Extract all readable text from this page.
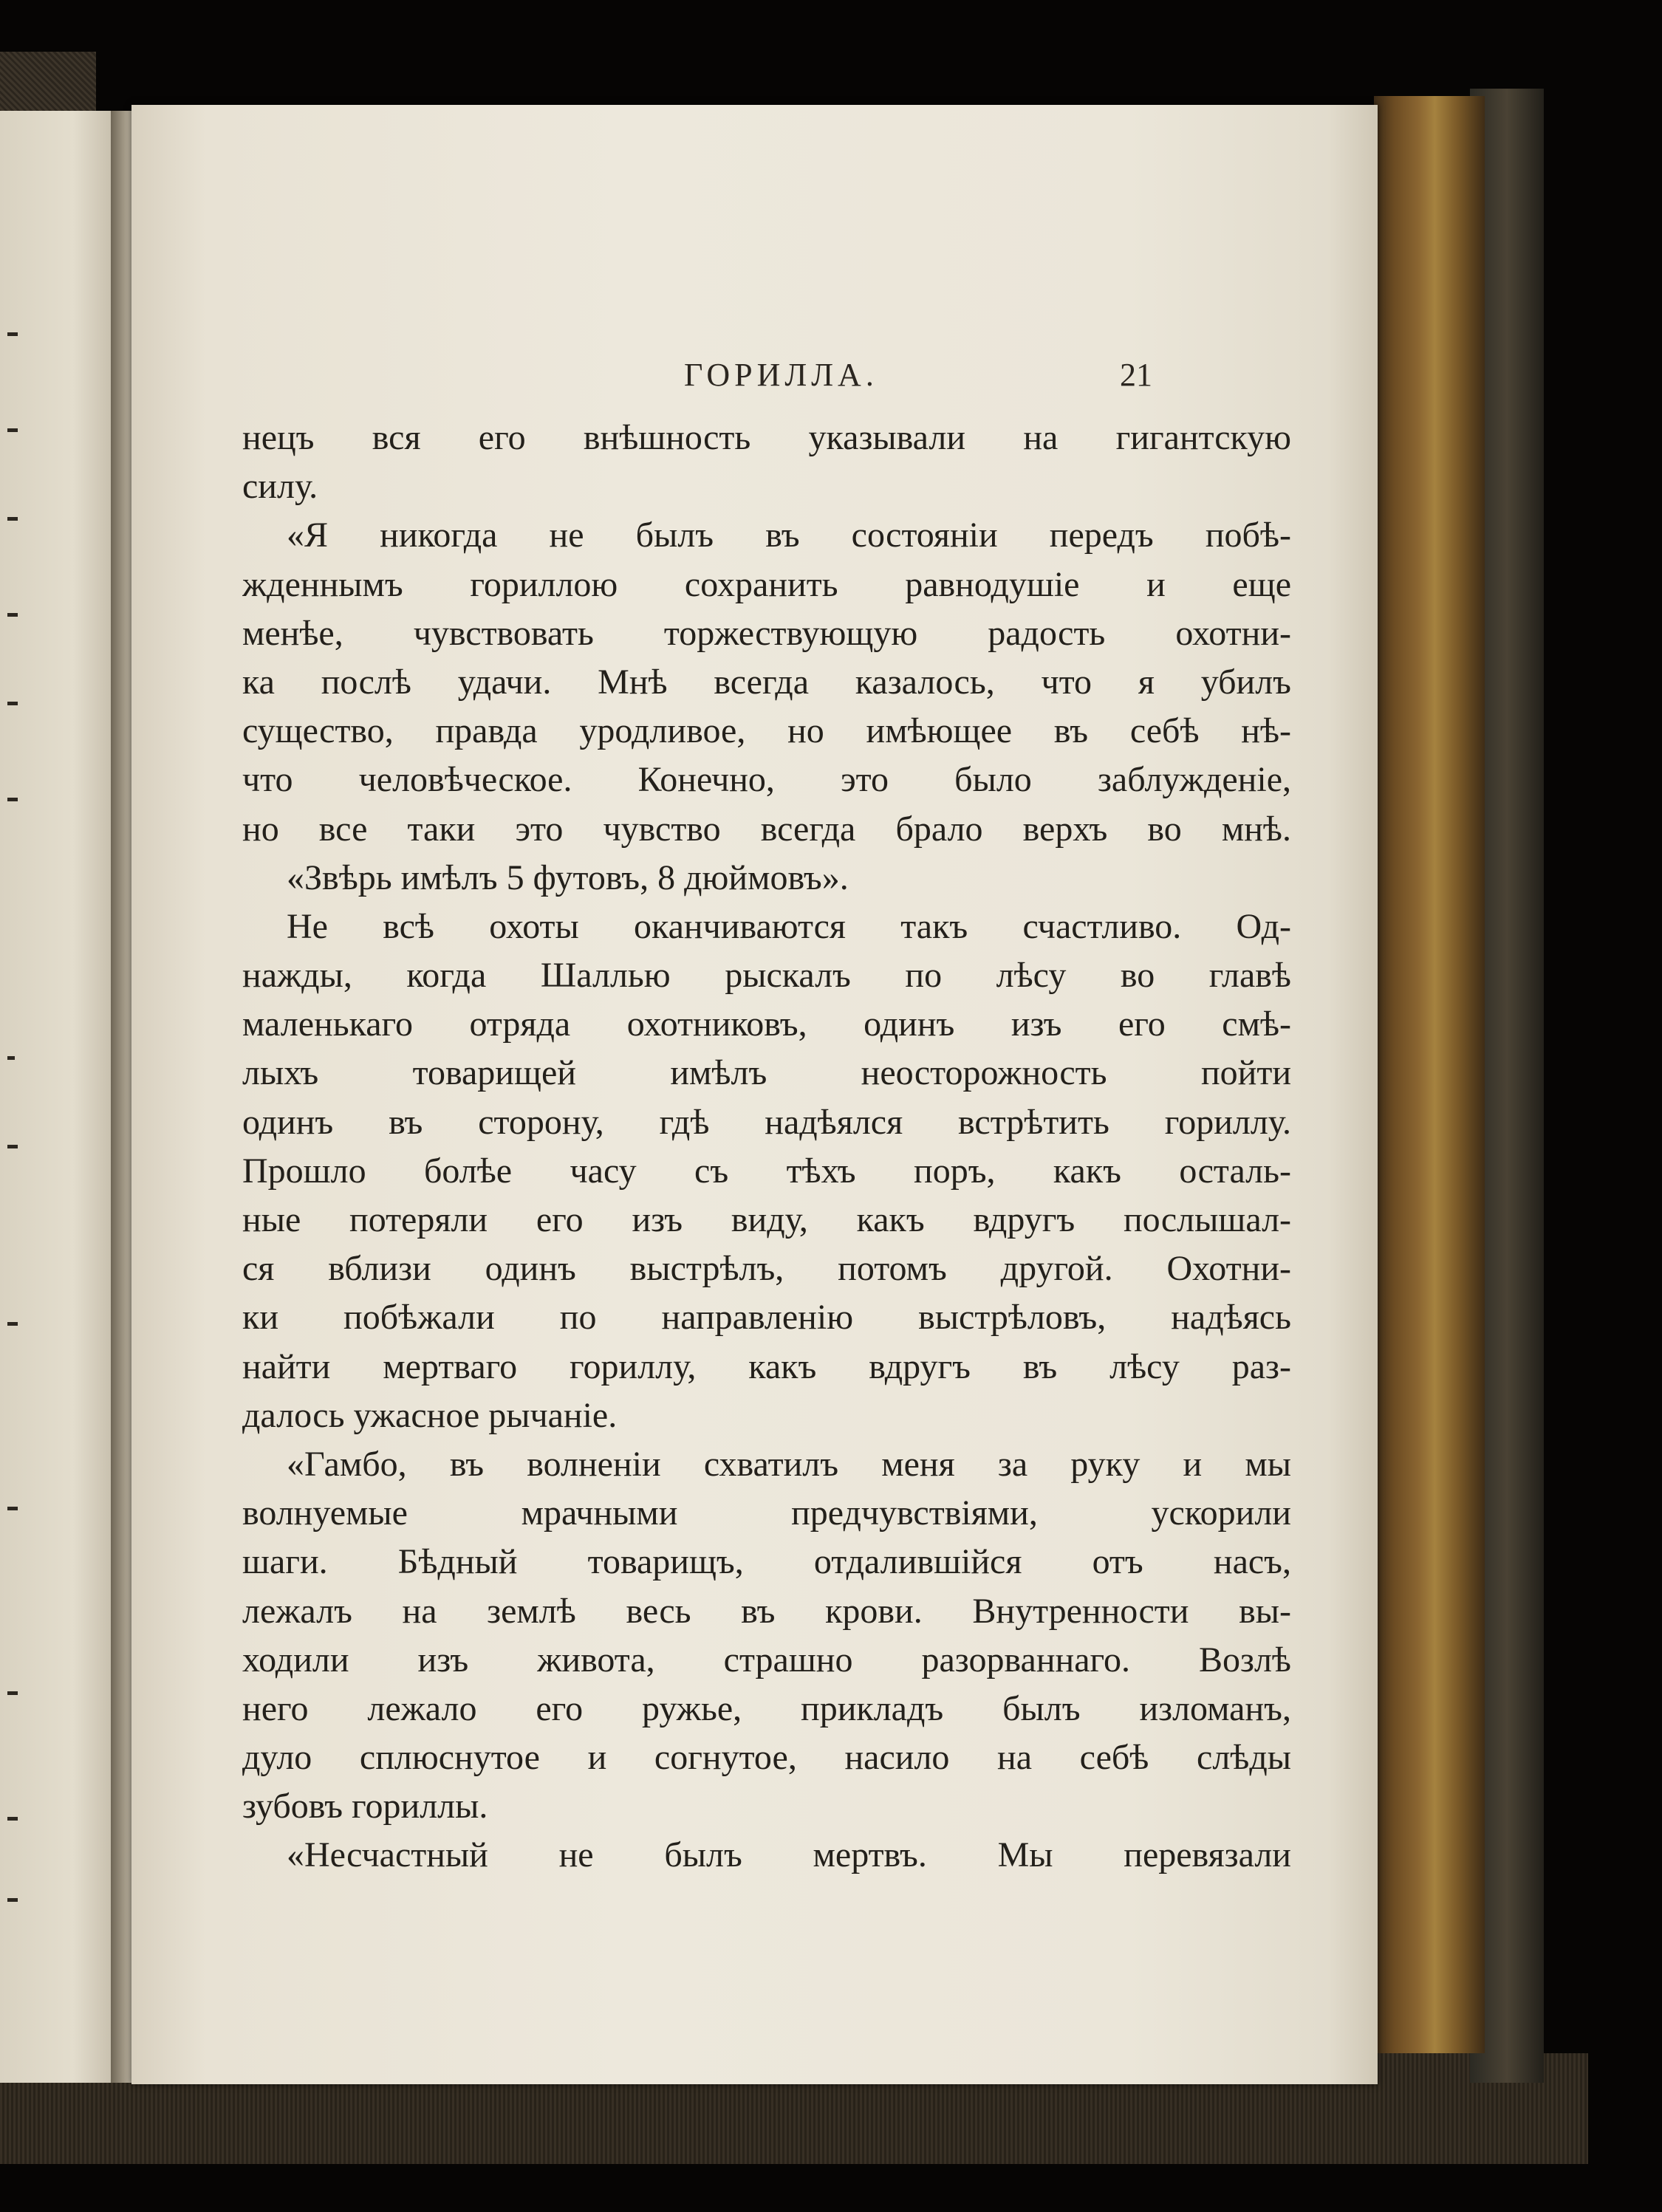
ГОРИЛЛА.	21
нецъ вся его внѣшность указывали на гигантскую
силу.
«Я никогда не былъ въ состоянiи передъ побѣ-
жденнымъ гориллою сохранить равнодушiе и еще
менѣе, чувствовать торжествующую радость охотни-
ка послѣ удачи. Мнѣ всегда казалось, что я убилъ
существо, правда уродливое, но имѣющее въ себѣ нѣ-
что человѣческое. Конечно, это было заблужденiе,
но все таки это чувство всегда брало верхъ во мнѣ.
«Звѣрь имѣлъ 5 футовъ, 8 дюймовъ».
Не всѣ охоты оканчиваются такъ счастливо. Од-
нажды, когда Шаллью рыскалъ по лѣсу во главѣ
маленькаго отряда охотниковъ, одинъ изъ его смѣ-
лыхъ товарищей имѣлъ неосторожность пойти
одинъ въ сторону, гдѣ надѣялся встрѣтить гориллу.
Прошло болѣе часу съ тѣхъ поръ, какъ осталь-
ные потеряли его изъ виду, какъ вдругъ послышал-
ся вблизи одинъ выстрѣлъ, потомъ другой. Охотни-
ки побѣжали по направленiю выстрѣловъ, надѣясь
найти мертваго гориллу, какъ вдругъ въ лѣсу раз-
далось ужасное рычанiе.
«Гамбо, въ волненiи схватилъ меня за руку и мы
волнуемые мрачными предчувствiями, ускорили
шаги. Бѣдный товарищъ, отдалившiйся отъ насъ,
лежалъ на землѣ весь въ крови. Внутренности вы-
ходили изъ живота, страшно разорваннаго. Возлѣ
него лежало его ружье, прикладъ былъ изломанъ,
дуло сплюснутое и согнутое, насило на себѣ слѣды
зубовъ гориллы.
«Несчастный не былъ мертвъ. Мы перевязали
